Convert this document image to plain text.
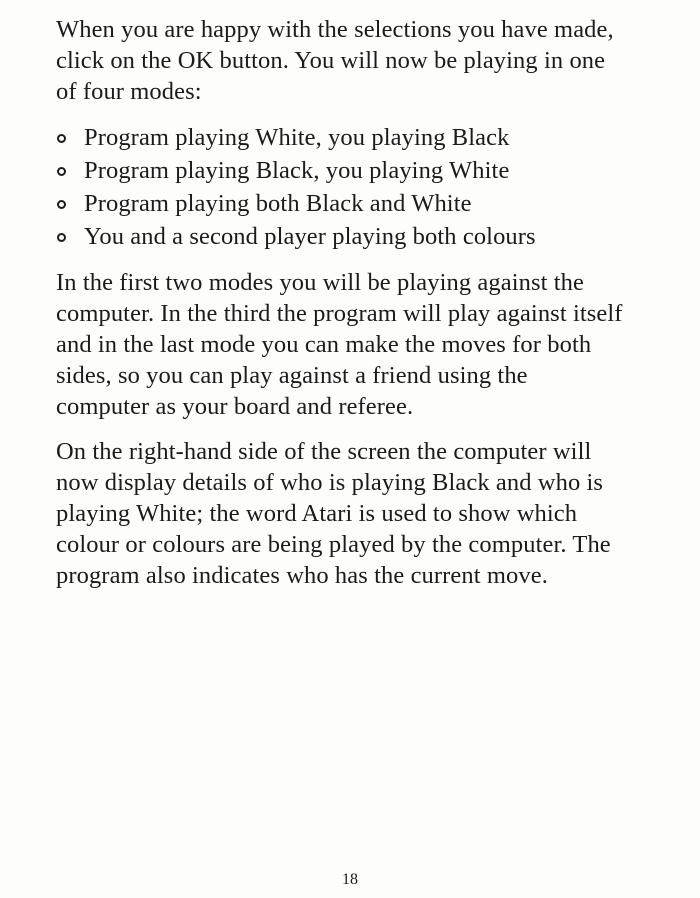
When you are happy with the selections you have made, click on the OK button. You will now be playing in one of four modes:

Program playing White, you playing Black
Program playing Black, you playing White
Program playing both Black and White
You and a second player playing both colours

In the first two modes you will be playing against the computer. In the third the program will play against itself and in the last mode you can make the moves for both sides, so you can play against a friend using the computer as your board and referee.

On the right-hand side of the screen the computer will now display details of who is playing Black and who is playing White; the word Atari is used to show which colour or colours are being played by the computer. The program also indicates who has the current move.

18
